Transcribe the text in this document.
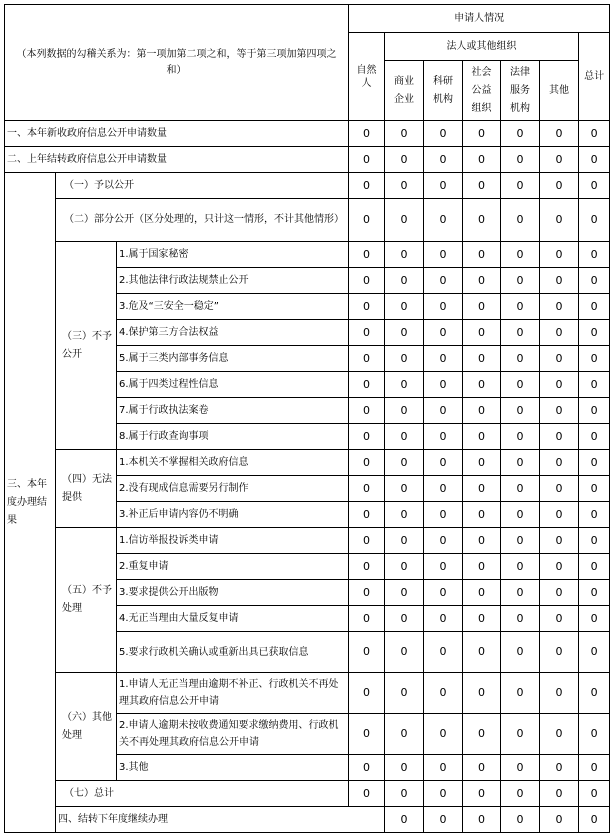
（本列数据的勾稽关系为：第一项加第二项之和，等于第三项加第四项之和）			申请人情况							

			自然人	法人或其他组织					总计	

				商业企业	科研机构	社会公益组织	法律服务机构	其他		
一、本年新收政府信息公开申请数量			0	0	0	0	0	0	0	
二、上年结转政府信息公开申请数量			0	0	0	0	0	0	0	

三、本年度办理结果	（一）予以公开		0	0	0	0	0	0	0	
	（二）部分公开（区分处理的，只计这一情形，不计其他情形）		0	0	0	0	0	0	0	

	（三）不予公开	1.属于国家秘密	0	0	0	0	0	0	0	
		2.其他法律行政法规禁止公开	0	0	0	0	0	0	0	
		3.危及“三安全一稳定”	0	0	0	0	0	0	0	
		4.保护第三方合法权益	0	0	0	0	0	0	0	
		5.属于三类内部事务信息	0	0	0	0	0	0	0	
		6.属于四类过程性信息	0	0	0	0	0	0	0	
		7.属于行政执法案卷	0	0	0	0	0	0	0	
		8.属于行政查询事项	0	0	0	0	0	0	0	

	（四）无法提供	1.本机关不掌握相关政府信息	0	0	0	0	0	0	0	
		2.没有现成信息需要另行制作	0	0	0	0	0	0	0	
		3.补正后申请内容仍不明确	0	0	0	0	0	0	0	

	（五）不予处理	1.信访举报投诉类申请	0	0	0	0	0	0	0	
		2.重复申请	0	0	0	0	0	0	0	
		3.要求提供公开出版物	0	0	0	0	0	0	0	
		4.无正当理由大量反复申请	0	0	0	0	0	0	0	
		5.要求行政机关确认或重新出具已获取信息	0	0	0	0	0	0	0	

	（六）其他处理	1.申请人无正当理由逾期不补正、行政机关不再处理其政府信息公开申请	0	0	0	0	0	0	0	
		2.申请人逾期未按收费通知要求缴纳费用、行政机关不再处理其政府信息公开申请	0	0	0	0	0	0	0	
		3.其他	0	0	0	0	0	0	0	
	（七）总计		0	0	0	0	0	0	0	
	四、结转下年度继续办理			0	0	0	0	0	0	
